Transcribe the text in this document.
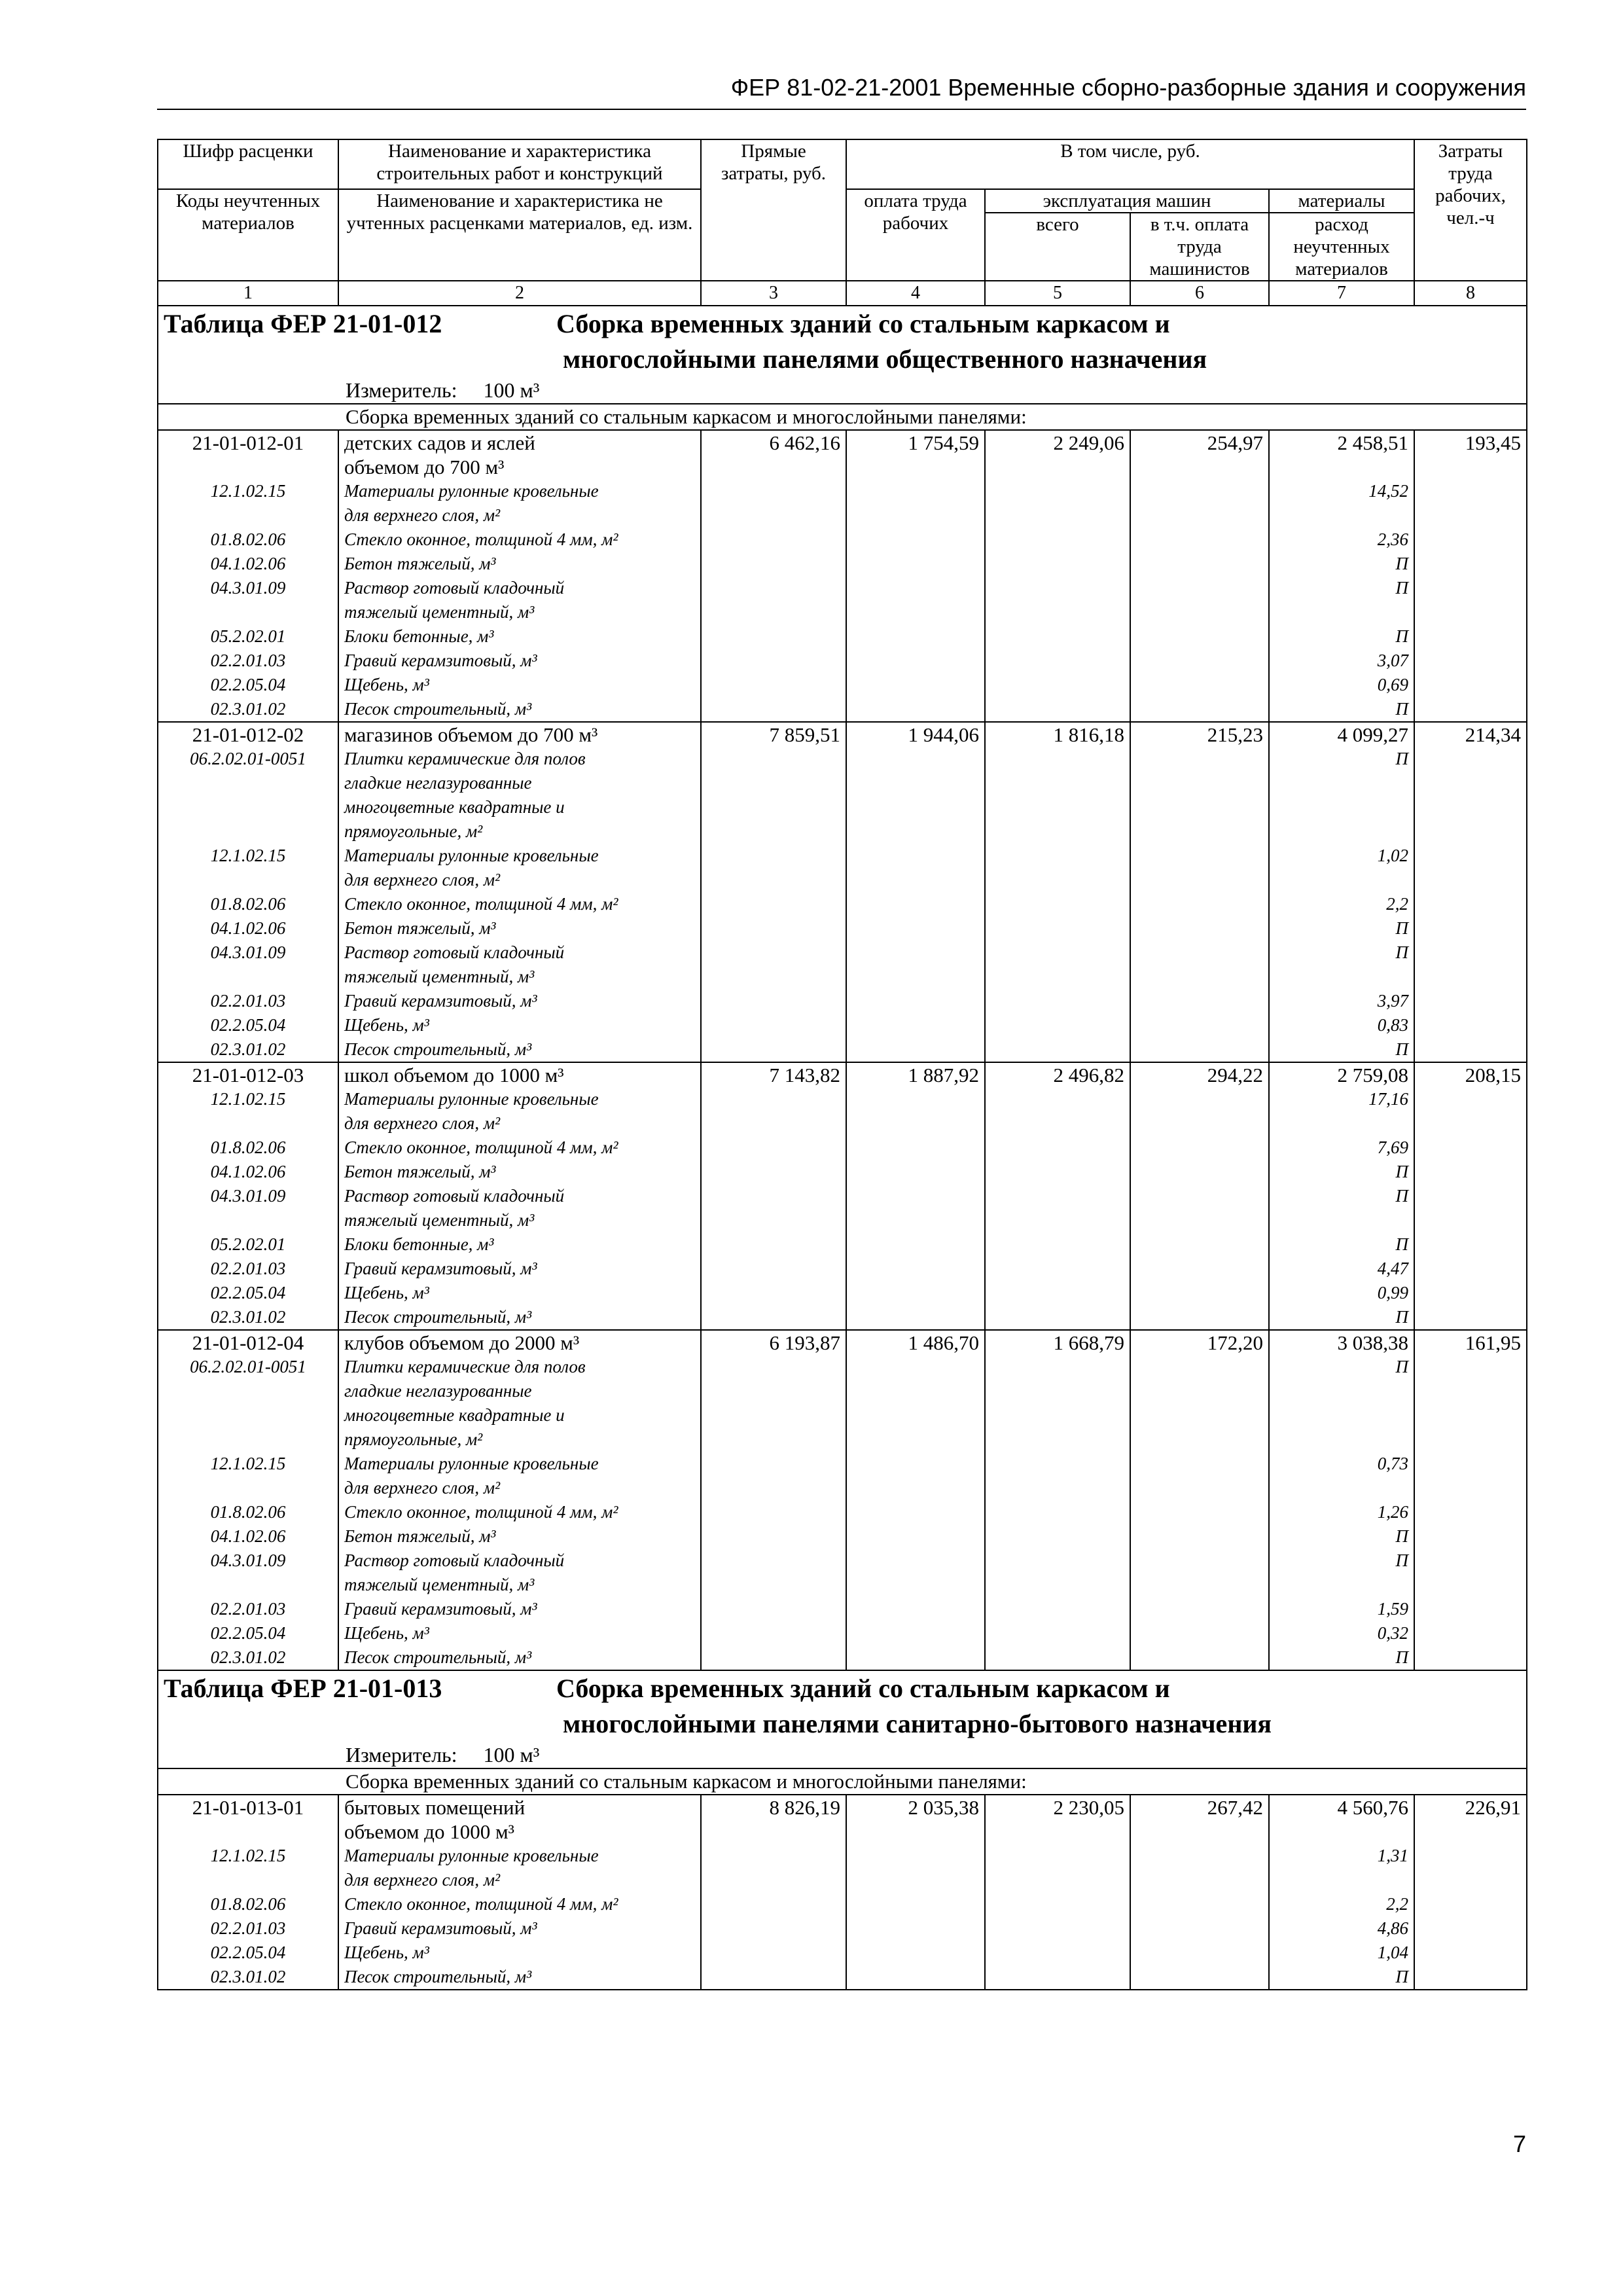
ФЕР 81-02-21-2001 Временные сборно-разборные здания и сооружения
Шифр расценки	Наименование и характеристика строительных работ и конструкций	Прямые затраты, руб.	В том числе, руб.				Затраты труда рабочих, чел.-ч
Коды неучтенных материалов	Наименование и характеристика не учтенных расценками материалов, ед. изм.		оплата труда рабочих	эксплуатация машин		материалы	
				всего	в т.ч. оплата труда машинистов	расход неучтенных материалов	
1	2	3	4	5	6	7	8

Таблица ФЕР 21-01-012 Сборка временных зданий со стальным каркасом и
многослойными панелями общественного назначения							

Измеритель: 100 м³							
Сборка временных зданий со стальным каркасом и многослойными панелями:							
21-01-012-01	детских садов и яслей
объемом до 700 м³	6 462,16	1 754,59	2 249,06	254,97	2 458,51	193,45
12.1.02.15	Материалы рулонные кровельные
для верхнего слоя, м²					14,52	
01.8.02.06	Стекло оконное, толщиной 4 мм, м²					2,36	
04.1.02.06	Бетон тяжелый, м³					П	
04.3.01.09	Раствор готовый кладочный
тяжелый цементный, м³					П	
05.2.02.01	Блоки бетонные, м³					П	
02.2.01.03	Гравий керамзитовый, м³					3,07	
02.2.05.04	Щебень, м³					0,69	
02.3.01.02	Песок строительный, м³					П	
21-01-012-02	магазинов объемом до 700 м³	7 859,51	1 944,06	1 816,18	215,23	4 099,27	214,34
06.2.02.01-0051	Плитки керамические для полов
гладкие неглазурованные
многоцветные квадратные и
прямоугольные, м²					П	
12.1.02.15	Материалы рулонные кровельные
для верхнего слоя, м²					1,02	
01.8.02.06	Стекло оконное, толщиной 4 мм, м²					2,2	
04.1.02.06	Бетон тяжелый, м³					П	
04.3.01.09	Раствор готовый кладочный
тяжелый цементный, м³					П	
02.2.01.03	Гравий керамзитовый, м³					3,97	
02.2.05.04	Щебень, м³					0,83	
02.3.01.02	Песок строительный, м³					П	
21-01-012-03	школ объемом до 1000 м³	7 143,82	1 887,92	2 496,82	294,22	2 759,08	208,15
12.1.02.15	Материалы рулонные кровельные
для верхнего слоя, м²					17,16	
01.8.02.06	Стекло оконное, толщиной 4 мм, м²					7,69	
04.1.02.06	Бетон тяжелый, м³					П	
04.3.01.09	Раствор готовый кладочный
тяжелый цементный, м³					П	
05.2.02.01	Блоки бетонные, м³					П	
02.2.01.03	Гравий керамзитовый, м³					4,47	
02.2.05.04	Щебень, м³					0,99	
02.3.01.02	Песок строительный, м³					П	
21-01-012-04	клубов объемом до 2000 м³	6 193,87	1 486,70	1 668,79	172,20	3 038,38	161,95
06.2.02.01-0051	Плитки керамические для полов
гладкие неглазурованные
многоцветные квадратные и
прямоугольные, м²					П	
12.1.02.15	Материалы рулонные кровельные
для верхнего слоя, м²					0,73	
01.8.02.06	Стекло оконное, толщиной 4 мм, м²					1,26	
04.1.02.06	Бетон тяжелый, м³					П	
04.3.01.09	Раствор готовый кладочный
тяжелый цементный, м³					П	
02.2.01.03	Гравий керамзитовый, м³					1,59	
02.2.05.04	Щебень, м³					0,32	
02.3.01.02	Песок строительный, м³					П	

Таблица ФЕР 21-01-013 Сборка временных зданий со стальным каркасом и
многослойными панелями санитарно-бытового назначения							

Измеритель: 100 м³							
Сборка временных зданий со стальным каркасом и многослойными панелями:							
21-01-013-01	бытовых помещений
объемом до 1000 м³	8 826,19	2 035,38	2 230,05	267,42	4 560,76	226,91
12.1.02.15	Материалы рулонные кровельные
для верхнего слоя, м²					1,31	
01.8.02.06	Стекло оконное, толщиной 4 мм, м²					2,2	
02.2.01.03	Гравий керамзитовый, м³					4,86	
02.2.05.04	Щебень, м³					1,04	
02.3.01.02	Песок строительный, м³					П	
7
